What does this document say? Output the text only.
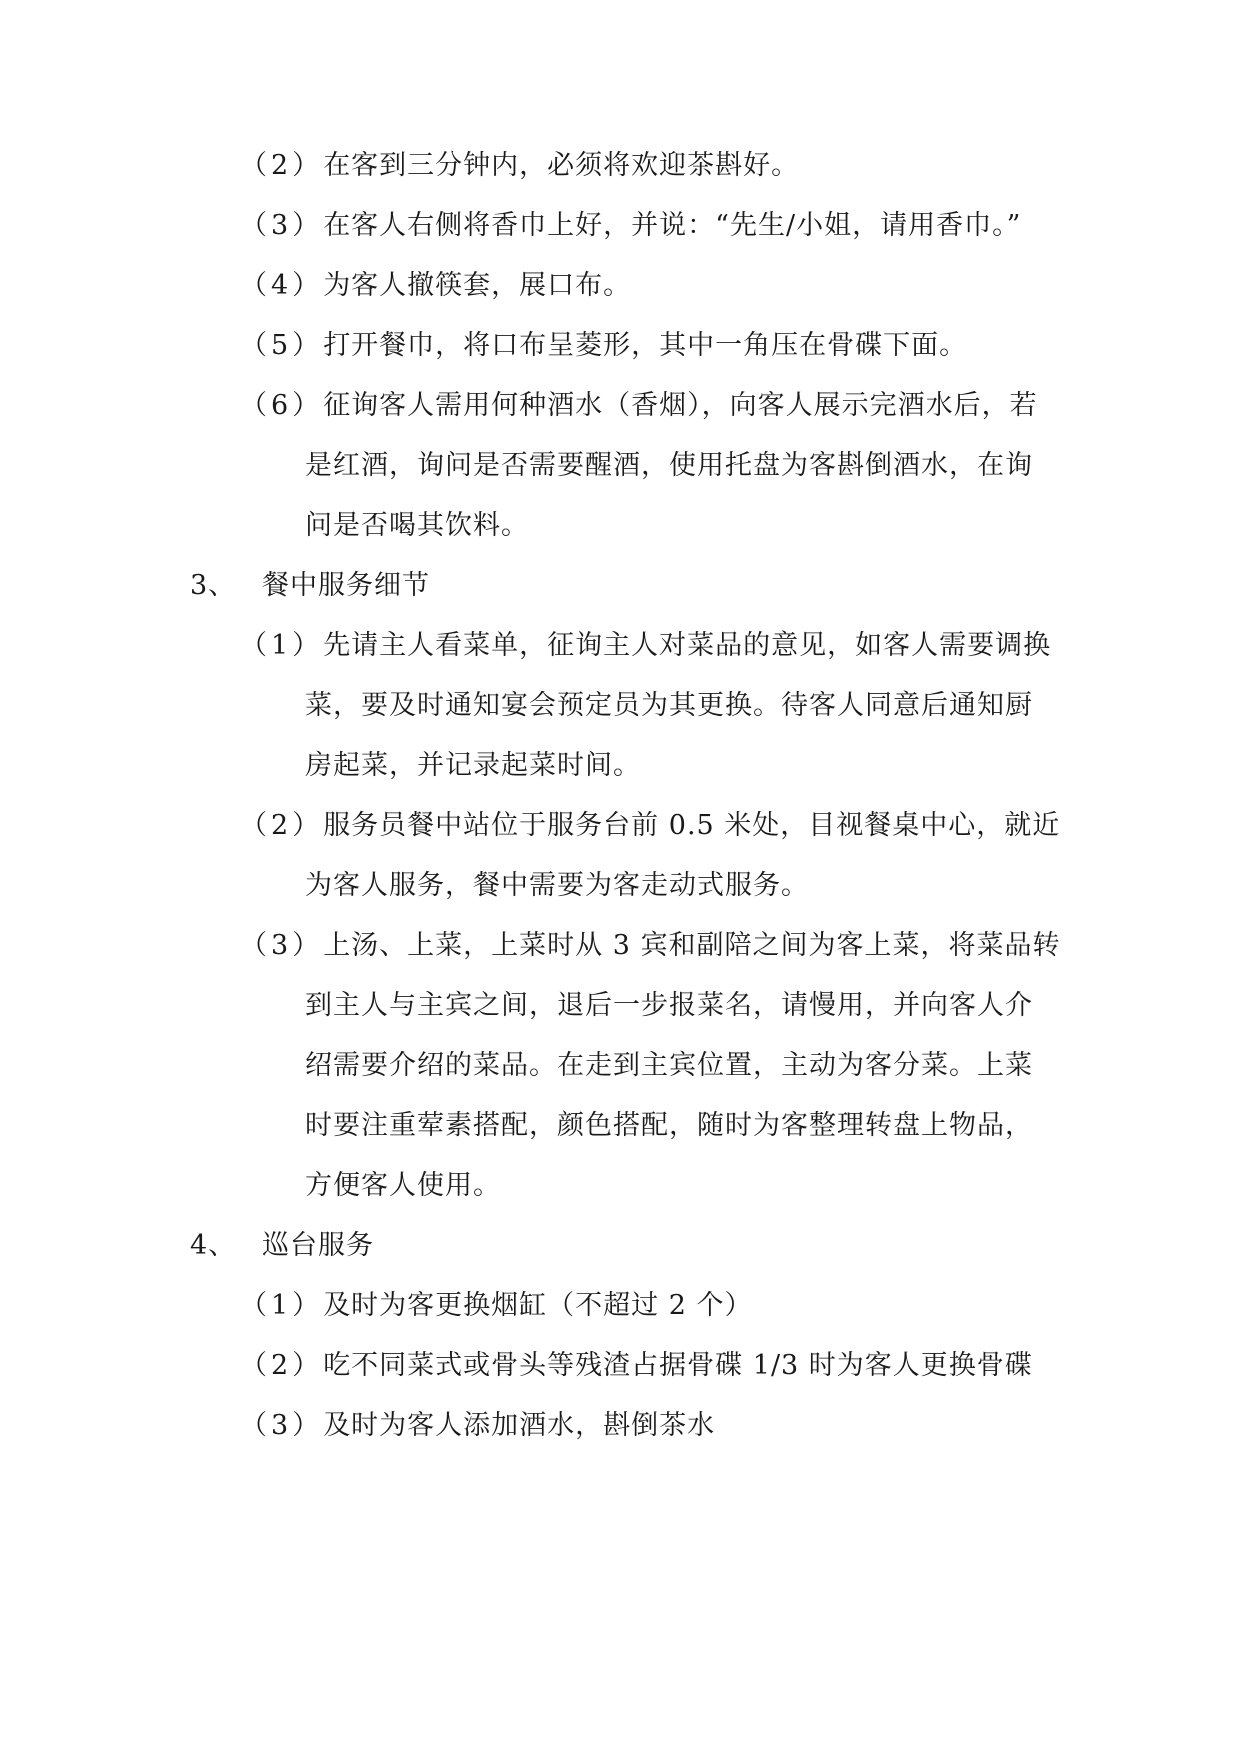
（2）在客到三分钟内，必须将欢迎茶斟好。
（3）在客人右侧将香巾上好，并说：“先生/小姐，请用香巾。”
（4）为客人撤筷套，展口布。
（5）打开餐巾，将口布呈菱形，其中一角压在骨碟下面。
（6）征询客人需用何种酒水（香烟），向客人展示完酒水后，若
是红酒，询问是否需要醒酒，使用托盘为客斟倒酒水，在询
问是否喝其饮料。
3、 餐中服务细节
（1）先请主人看菜单，征询主人对菜品的意见，如客人需要调换
菜，要及时通知宴会预定员为其更换。待客人同意后通知厨
房起菜，并记录起菜时间。
（2）服务员餐中站位于服务台前 0.5 米处，目视餐桌中心，就近
为客人服务，餐中需要为客走动式服务。
（3）上汤、上菜，上菜时从 3 宾和副陪之间为客上菜，将菜品转
到主人与主宾之间，退后一步报菜名，请慢用，并向客人介
绍需要介绍的菜品。在走到主宾位置，主动为客分菜。上菜
时要注重荤素搭配，颜色搭配，随时为客整理转盘上物品，
方便客人使用。
4、 巡台服务
（1）及时为客更换烟缸（不超过 2 个）
（2）吃不同菜式或骨头等残渣占据骨碟 1/3 时为客人更换骨碟
（3）及时为客人添加酒水，斟倒茶水
